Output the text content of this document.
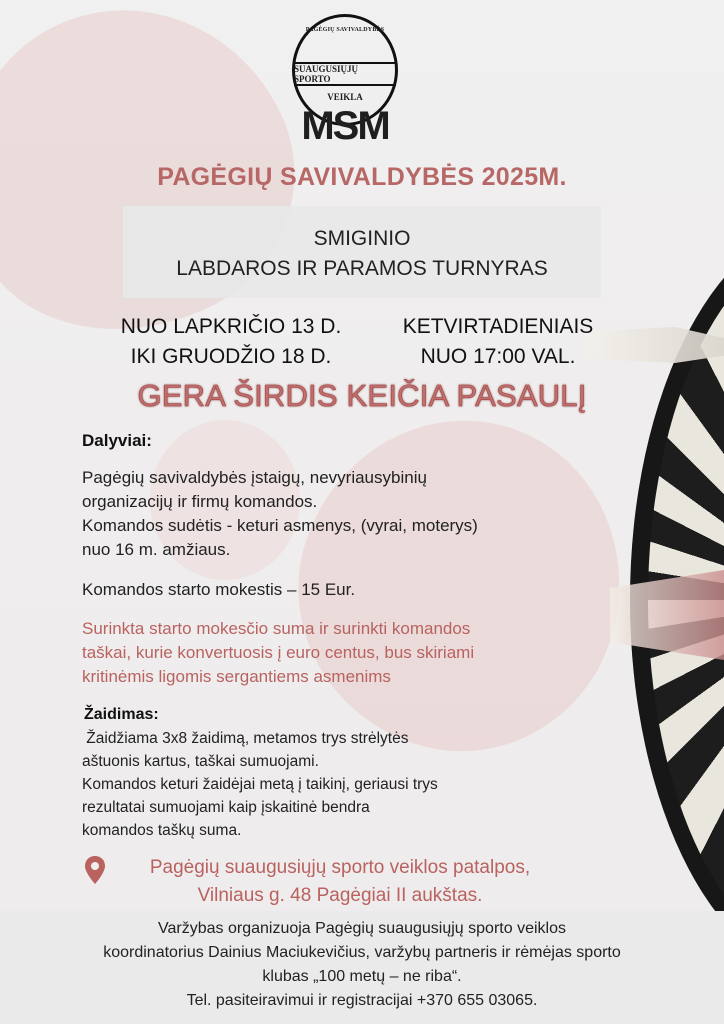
PAGĖGIŲ SAVIVALDYBĖS
SUAUGUSIŲJŲ SPORTO
VEIKLA
MSM
PAGĖGIŲ SAVIVALDYBĖS 2025M.
SMIGINIO
LABDAROS IR PARAMOS TURNYRAS
NUO LAPKRIČIO 13 D.
IKI GRUODŽIO 18 D.
KETVIRTADIENIAIS
NUO 17:00 VAL.
GERA ŠIRDIS KEIČIA PASAULĮ
Dalyviai:
Pagėgių savivaldybės įstaigų, nevyriausybinių
organizacijų ir firmų komandos.
Komandos sudėtis - keturi asmenys, (vyrai, moterys)
nuo 16 m. amžiaus.
Komandos starto mokestis – 15 Eur.
Surinkta starto mokesčio suma ir surinkti komandos
taškai, kurie konvertuosis į euro centus, bus skiriami
kritinėmis ligomis sergantiems asmenims
Žaidimas:
Žaidžiama 3x8 žaidimą, metamos trys strėlytės
aštuonis kartus, taškai sumuojami.
Komandos keturi žaidėjai metą į taikinį, geriausi trys
rezultatai sumuojami kaip įskaitinė bendra
komandos taškų suma.
Pagėgių suaugusiųjų sporto veiklos patalpos,
Vilniaus g. 48 Pagėgiai II aukštas.
Varžybas organizuoja Pagėgių suaugusiųjų sporto veiklos
koordinatorius Dainius Maciukevičius, varžybų partneris ir rėmėjas sporto
klubas „100 metų – ne riba“.
Tel. pasiteiravimui ir registracijai +370 655 03065.
